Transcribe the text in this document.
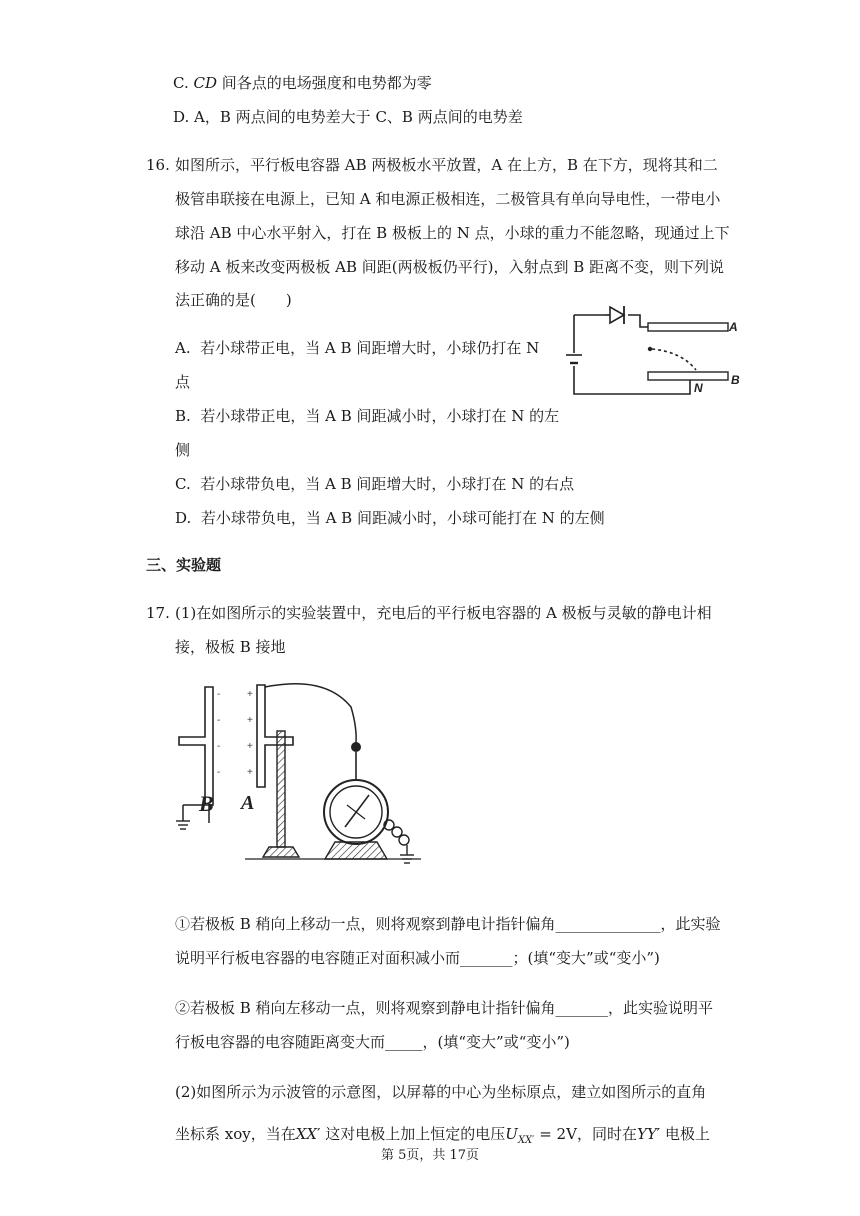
C. CD 间各点的电场强度和电势都为零
D. A，B 两点间的电势差大于 C、B 两点间的电势差
16. 如图所示，平行板电容器 AB 两极板水平放置，A 在上方，B 在下方，现将其和二
极管串联接在电源上，已知 A 和电源正极相连，二极管具有单向导电性，一带电小
球沿 AB 中心水平射入，打在 B 极板上的 N 点，小球的重力不能忽略，现通过上下
移动 A 板来改变两极板 AB 间距(两极板仍平行)，入射点到 B 距离不变，则下列说
法正确的是(　　)
A. 若小球带正电，当 A B 间距增大时，小球仍打在 N
点
B. 若小球带正电，当 A B 间距减小时，小球打在 N 的左
侧
C. 若小球带负电，当 A B 间距增大时，小球打在 N 的右点
D. 若小球带负电，当 A B 间距减小时，小球可能打在 N 的左侧
A
B
N
三、实验题
17. (1)在如图所示的实验装置中，充电后的平行板电容器的 A 极板与灵敏的静电计相
接，极板 B 接地
-
-
-
-
+
+
+
+
B A
①若极板 B 稍向上移动一点，则将观察到静电计指针偏角______________，此实验
说明平行板电容器的电容随正对面积减小而_______；(填“变大”或“变小”)
②若极板 B 稍向左移动一点，则将观察到静电计指针偏角_______，此实验说明平
行板电容器的电容随距离变大而_____，(填“变大”或“变小”)
(2)如图所示为示波管的示意图，以屏幕的中心为坐标原点，建立如图所示的直角
坐标系 xoy，当在XX′ 这对电极上加上恒定的电压$U_{XX'} = 2V$，同时在YY′ 电极上
第 5页，共 17页
